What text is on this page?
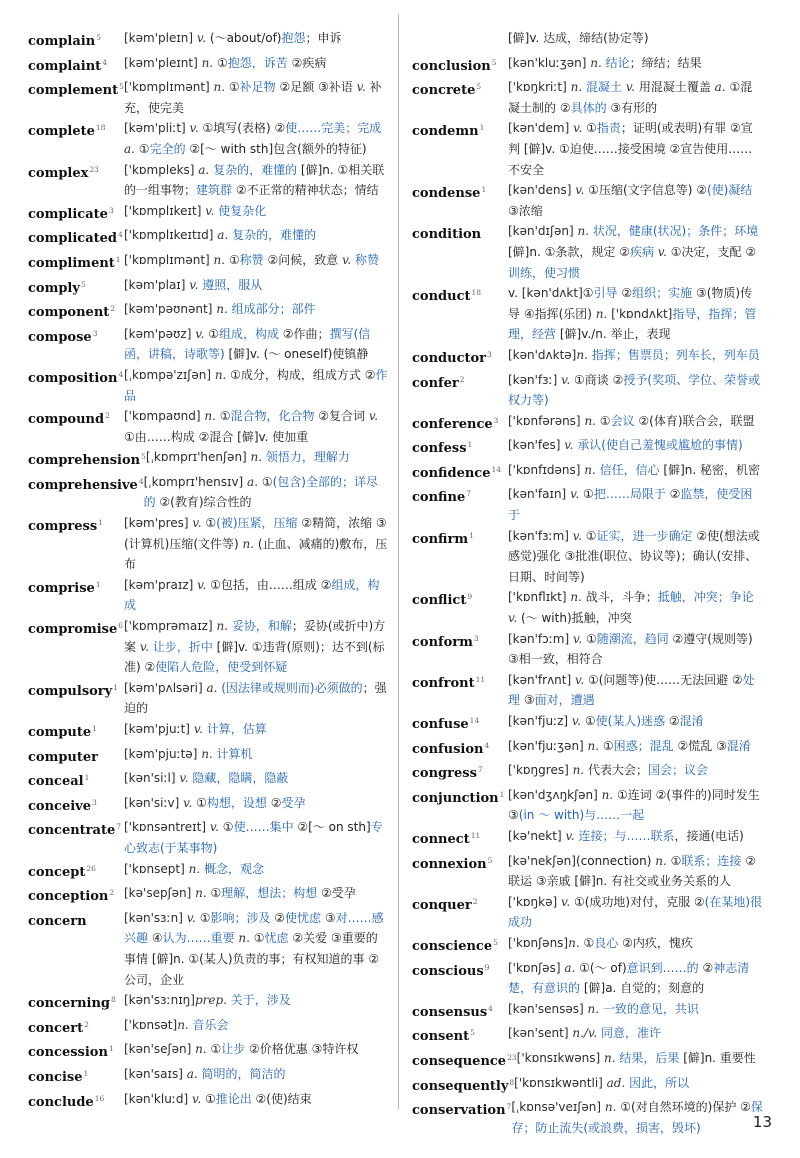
complain$^5$	[kəm'pleɪn] v. (～about/of)抱怨；申诉
complaint$^4$	[kəm'pleɪnt] n. ①抱怨，诉苦 ②疾病
complement$^5$ ['kɒmplɪmənt] n. ①补足物 ②足额 ③补语 v. 补充，使完美
complete$^{18}$	[kəm'pliːt] v. ①填写(表格) ②使……完美；完成 a. ①完全的 ②[～ with sth]包含(额外的特征)
complex$^{23}$	['kɒmpleks] a. 复杂的，难懂的 [僻]n. ①相关联的一组事物；建筑群 ②不正常的精神状态；情结
complicate$^3$ ['kɒmplɪkeɪt] v. 使复杂化
complicated$^4$ ['kɒmplɪkeɪtɪd] a. 复杂的，难懂的
compliment$^1$ ['kɒmplɪmənt] n. ①称赞 ②问候，致意 v. 称赞
comply$^5$	[kəm'plaɪ] v. 遵照，服从
component$^2$ [kəm'pəʊnənt] n. 组成部分；部件
compose$^3$	[kəm'pəʊz] v. ①组成，构成 ②作曲；撰写(信函，讲稿，诗歌等) [僻]v. (～ oneself)使镇静
composition$^4$ [ˌkɒmpə'zɪʃən] n. ①成分，构成，组成方式 ②作品
compound$^2$	['kɒmpaʊnd] n. ①混合物，化合物 ②复合词 v. ①由……构成 ②混合 [僻]v. 使加重
comprehension$^5$ [ˌkɒmprɪ'henʃən] n. 领悟力，理解力
comprehensive$^4$ [ˌkɒmprɪ'hensɪv] a. ①(包含)全部的；详尽的 ②(教育)综合性的
compress$^1$	[kəm'pres] v. ①(被)压紧，压缩 ②精简，浓缩 ③(计算机)压缩(文件等) n. (止血、减痛的)敷布，压布
comprise$^1$	[kəm'praɪz] v. ①包括，由……组成 ②组成，构成
compromise$^6$ ['kɒmprəmaɪz] n. 妥协，和解；妥协(或折中)方案 v. 让步，折中 [僻]v. ①违背(原则)；达不到(标准) ②使陷人危险，使受到怀疑
compulsory$^1$ [kəm'pʌlsəri] a. (因法律或规则而)必须做的；强迫的
compute$^1$	[kəm'pjuːt] v. 计算，估算
computer	[kəm'pjuːtə] n. 计算机
conceal$^1$	[kən'siːl] v. 隐藏，隐瞒，隐蔽
conceive$^3$	[kən'siːv] v. ①构想，设想 ②受孕
concentrate$^7$ ['kɒnsəntreɪt] v. ①使……集中 ②[～ on sth]专心致志(于某事物)
concept$^{26}$	['kɒnsept] n. 概念，观念
conception$^2$ [kə'sepʃən] n. ①理解，想法；构想 ②受孕
concern	[kən'sɜːn] v. ①影响；涉及 ②使忧虑 ③对……感兴趣 ④认为……重要 n. ①忧虑 ②关爱 ③重要的事情 [僻]n. ①(某人)负责的事；有权知道的事 ②公司，企业
concerning$^8$ [kən'sɜːnɪŋ]prep. 关于，涉及
concert$^2$	['kɒnsət]n. 音乐会
concession$^1$ [kən'seʃən] n. ①让步 ②价格优惠 ③特许权
concise$^1$	[kən'saɪs] a. 简明的，简洁的
conclude$^{16}$	[kən'kluːd] v. ①推论出 ②(使)结束
[僻]v. 达成，缔结(协定等)
conclusion$^5$ [kən'kluːʒən] n. 结论；缔结；结果
concrete$^5$	['kɒŋkriːt] n. 混凝土 v. 用混凝土覆盖 a. ①混凝土制的 ②具体的 ③有形的
condemn$^1$	[kən'dem] v. ①指责；证明(或表明)有罪 ②宣判 [僻]v. ①迫使……接受困境 ②宣告使用……不安全
condense$^1$	[kən'dens] v. ①压缩(文字信息等) ②(使)凝结 ③浓缩
condition	[kən'dɪʃən] n. 状况，健康(状况)；条件；环境 [僻]n. ①条款，规定 ②疾病 v. ①决定，支配 ②训练，使习惯
conduct$^{18}$	v. [kən'dʌkt]①引导 ②组织；实施 ③(物质)传导 ④指挥(乐团) n. ['kɒndʌkt]指导，指挥；管理，经营 [僻]v./n. 举止，表现
conductor$^3$	[kən'dʌktə]n. 指挥；售票员；列车长，列车员
confer$^2$	[kən'fɜː] v. ①商谈 ②授予(奖项、学位、荣誉或权力等)
conference$^3$ ['kɒnfərəns] n. ①会议 ②(体育)联合会，联盟
confess$^1$	[kən'fes] v. 承认(使自己羞愧或尴尬的事情)
confidence$^{14}$ ['kɒnfɪdəns] n. 信任，信心 [僻]n. 秘密，机密
confine$^7$	[kən'faɪn] v. ①把……局限于 ②监禁，使受困于
confirm$^1$	[kən'fɜːm] v. ①证实，进一步确定 ②使(想法或感觉)强化 ③批准(职位、协议等)；确认(安排、日期、时间等)
conflict$^9$	['kɒnflɪkt] n. 战斗，斗争；抵触，冲突；争论 v. (～ with)抵触，冲突
conform$^3$	[kən'fɔːm] v. ①随潮流，趋同 ②遵守(规则等) ③相一致，相符合
confront$^{11}$	[kən'frʌnt] v. ①(问题等)使……无法回避 ②处理 ③面对，遭遇
confuse$^{14}$	[kən'fjuːz] v. ①使(某人)迷惑 ②混淆
confusion$^4$	[kən'fjuːʒən] n. ①困惑；混乱 ②慌乱 ③混淆
congress$^7$	['kɒŋgres] n. 代表大会；国会；议会
conjunction$^1$ [kən'dʒʌŋkʃən] n. ①连词 ②(事件的)同时发生 ③(in ～ with)与……一起
connect$^{11}$	[kə'nekt] v. 连接；与……联系，接通(电话)
connexion$^5$	[kə'nekʃən](connection) n. ①联系；连接 ②联运 ③亲戚 [僻]n. 有社交或业务关系的人
conquer$^2$	['kɒŋkə] v. ①(成功地)对付，克服 ②(在某地)很成功
conscience$^5$ ['kɒnʃəns]n. ①良心 ②内疚，愧疚
conscious$^9$	['kɒnʃəs] a. ①(～ of)意识到……的 ②神志清楚，有意识的 [僻]a. 自觉的；刻意的
consensus$^4$	[kən'sensəs] n. 一致的意见，共识
consent$^5$	[kən'sent] n./v. 同意，准许
consequence$^{23}$ ['kɒnsɪkwəns] n. 结果，后果 [僻]n. 重要性
consequently$^8$ ['kɒnsɪkwəntli] ad. 因此，所以
conservation$^7$ [ˌkɒnsə'veɪʃən] n. ①(对自然环境的)保护 ②保存；防止流失(或浪费，损害，毁坏)	13
